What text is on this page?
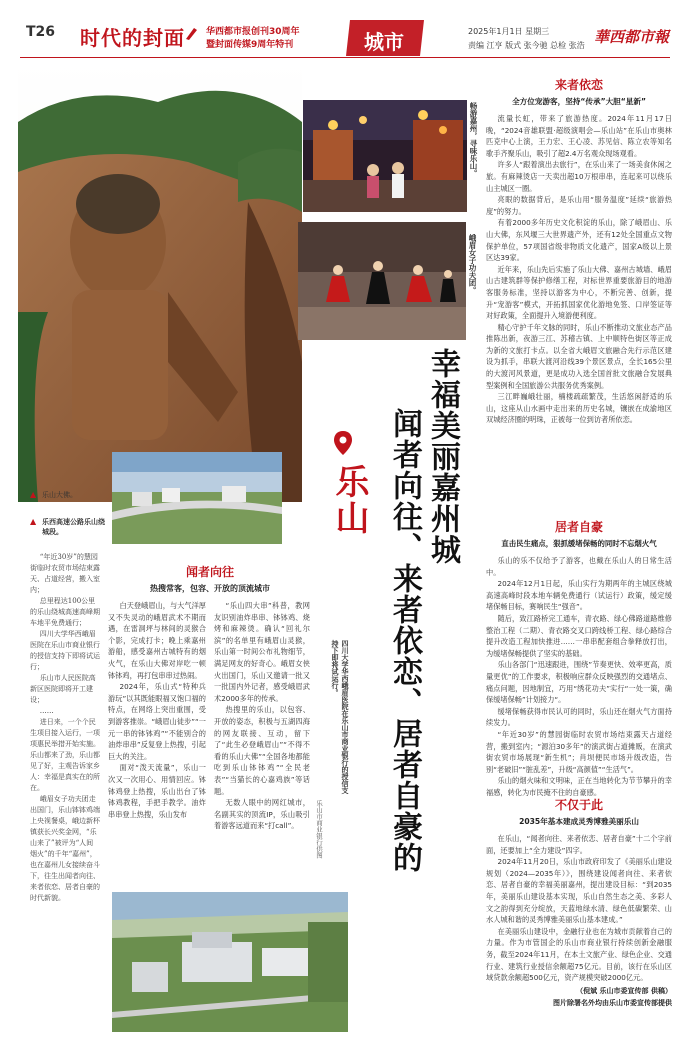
T26 时代的封面 华西都市报创刊30周年
暨封面传媒9周年特刊	城市	2025年1月1日 星期三
责编 江亨 版式 张今驰 总检 张浩 華西都市報
▲ 乐山大佛。
畅游嘉州，寻味乐山。
峨眉女子功夫团。
▲ 乐西高速公路乐山绕城段。	乐山 幸福美丽嘉州城
闻者向往、来者依恋、居者自豪的

“年近30岁”的慧园街临时农贸市场结束露天、占道经营，搬入室内；

总里程达100公里的乐山绕城高速高峰期车地平免费通行；

四川大学华西峨眉医院在乐山市商业银行的授信支持下即将试运行；

乐山市人民医院高新区医院即将开工建设；

……

进日来，一个个民生项目接入运行，一项项惠民举措开始实施。乐山都来了劲，乐山都见了好，主观告诉家乡人：幸福是真实在的所在。

峨眉女子功夫团走出国门，乐山钵钵鸡端上央视餐桌，峨边新杯镇获长兴奖金网，“乐山来了”被评为“人间烟火”的千年“嘉州”，也在嘉州儿女接续奋斗下，往生出闻者向往、来者依恋、居者自豪的时代新貌。

闻者向往
热搜常客，包容、开放的顶流城市

白天登峨眉山，与大气洋厚又不失灵动的峨眉武术不期而遇，在雷洞坪与林间的灵猴合个影，完成打卡；晚上乘嘉州游船，感受嘉州古城特有的烟火气，在乐山大佛对岸吃一顿钵钵鸡，再打包串串过热闹。

2024年，乐山式“特种兵游玩”以其既能眼福又饱口福的特点，在网络上突出重围，受到游客推崇。“峨眉山徒步”“一元一串的钵钵鸡”“不能别合的油炸串串”反复登上热搜，引起巨大的关注。

面对“泼天流量”，乐山一次又一次用心、用情回应。钵钵鸡登上热搜，乐山出台了钵钵鸡教程，手把手教学。油炸串串登上热搜，乐山发布

“乐山四大串”科普，教网友识别油炸串串、钵钵鸡、烧烤和麻辣烫。确认“回礼尔滨”的名单里有峨眉山灵猴，乐山第一时间公布礼物细节，满足网友的好奇心。峨眉女侠火出国门，乐山又邀请一批又一批国内外记者，感受峨眉武术2000多年的传承。

热搜里的乐山，以包容、开放的姿态，积极与五湖四海的网友联接、互动，留下了“此生必登峨眉山”“不得不看的乐山大佛”“全国各地都能吃到乐山钵钵鸡”“全民老表”“当猫长的心嘉鸡族”等话题。

无数人眼中的网红城市，名副其实的顶流IP，乐山吸引着游客远道而来“打call”。

四川大学华西峨眉医院在乐山市商业银行的授信支持下即将试运行。
乐山市商业银行供图
来者依恋
全方位宠游客，坚持“传承”大胆“星新”

流量长虹，带来了旅游热度。2024年11月17日晚，“2024音雄联盟·超级演唱会—乐山站”在乐山市奥林匹克中心上演，王力宏、王心凌、苏见信、陈立农等知名歌手齐聚乐山，吸引了超2.4万名观众现场观看。

许多人“跟着演出去旅行”，在乐山来了一场美食休闲之旅。有麻辣烫店一天卖出超10万根串串，连起来可以绕乐山主城区一圈。

亮眼的数据背后，是乐山用“服务温度”延续“旅游热度”的努力。

有着2000多年历史文化积淀的乐山，除了峨眉山、乐山大佛，东风堰三大世界遗产外，还有12处全国重点文物保护单位，57项国省级非物质文化遗产，国家A级以上景区达39家。

近年来，乐山先后实施了乐山大佛、嘉州古城墙、峨眉山古建筑群等保护修缮工程，对标世界重要旅游目的地游客服务标准，坚持以游客为中心，不断完善、创新，提升“宠游客”模式，开拓抓国家优化游地免签、口岸签证等对好政策，全面提升入境游便利度。

精心守护千年文脉的同时，乐山不断推动文旅业态产品推陈出新，夜游三江、苏稽古镇、上中顺特色街区等正成为新的文旅打卡点。以全省大峨眉文旅融合先行示范区建设为抓手，串联大渡河沿线39个景区景点，全长165公里的大渡河风景道，更是成功入选全国首批文旅融合发展典型案例和全国旅游公共服务优秀案例。

三江畔巍峨壮丽，楠楼疏疏繁茂，生活悠闲舒适的乐山，这座从山水画中走出来的历史名城，镶嵌在成渝地区双城经济圈的明珠，正被每一位到访者所依恋。

居者自豪
直击民生痛点，狠抓缓堵保畅的同时不忘烟火气

乐山的乐不仅给予了游客，也戴在乐山人的日常生活中。

2024年12月1日起，乐山实行为期两年的主城区绕城高速高峰时段本地车辆免费通行（试运行）政策，缓定缓堵保畅目标，赛响民生“强音”。

随后，致江路桥完工通车，青衣路、绿心佛路道路维修整治工程（二期）、青衣路交叉口跨线桥工程、绿心路综合提升改造工程加快推进……一串串配套组合拳释放打出，为缓堵保畅提供了坚实的基础。

乐山各部门“迅速跟进，围绕”节奏更快、效率更高，质量更优”的工作要求，积极响应群众反映强烈的交通堵点、痛点问题，因地制宜，巧用“绣花功夫”实行“一处一策，确保缓堵保畅”计划接力“。

缓堵保畅获得市民认可的同时，乐山还在烟火气方面持续发力。

“年近30岁”的慧园街临时农贸市场结束露天占道经营，搬到室内；“源泊30多年”的演武街占道摊贩，在演武街农贸市场展现“新生机”；肖坝便民市场升级改造，告别“老破旧”“脏乱差”，升级“高颜值”“生活气”。

乐山的烟火味和文明味，正在当地转化为节节攀升的幸福感，转化为市民掩不住的自豪感。

不仅于此
2035年基本建成灵秀博雅美丽乐山

在乐山，“闻者向往、来者依恋、居者自豪”十二个字前面，还要加上“全力建设”四字。

2024年11月20日，乐山市政府印发了《美丽乐山建设规划（2024—2035年）》，围绕建设闻者向往、来者依恋、居者自豪的幸福美丽嘉州，提出建设目标：“到2035年，美丽乐山建设基本实现，乐山自然生态之美、多彩人文之韵得到充分绽放，天蓝地绿水清、绿色低碳繁荣、山水人城和谐的灵秀博雅美丽乐山基本建成。”

在美丽乐山建设中，金融行业也在为城市贡献着自己的力量。作为市管国企的乐山市商业银行持续创新金融服务，截至2024年11月，在本土文旅产业、绿色企业、交通行业、建筑行业授信余额超75亿元。目前，该行在乐山区域贷款余额超500亿元，资产规模突破2000亿元。

（倪斌 乐山市委宣传部 供稿）
图片除署名外均由乐山市委宣传部提供
